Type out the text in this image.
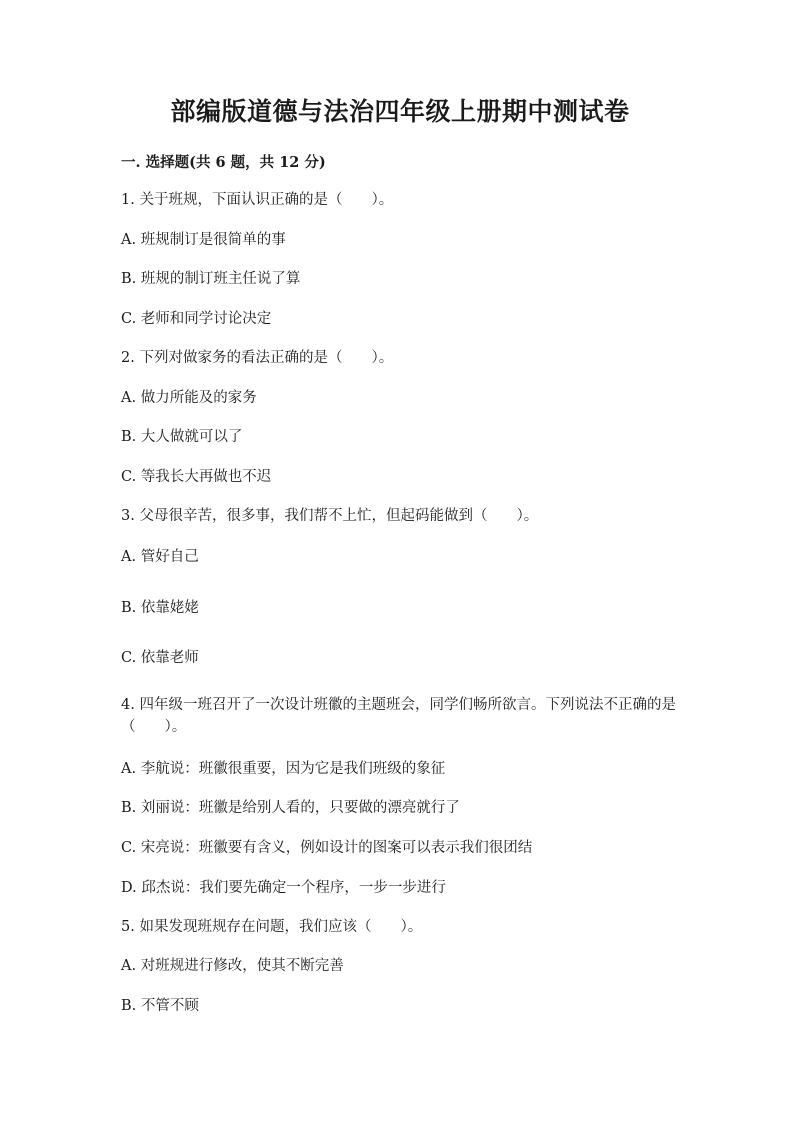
部编版道德与法治四年级上册期中测试卷
一. 选择题(共 6 题，共 12 分)
1. 关于班规，下面认识正确的是（　　）。
A. 班规制订是很简单的事
B. 班规的制订班主任说了算
C. 老师和同学讨论决定
2. 下列对做家务的看法正确的是（　　）。
A. 做力所能及的家务
B. 大人做就可以了
C. 等我长大再做也不迟
3. 父母很辛苦，很多事，我们帮不上忙，但起码能做到（　　）。
A. 管好自己
B. 依靠姥姥
C. 依靠老师
4. 四年级一班召开了一次设计班徽的主题班会，同学们畅所欲言。下列说法不正确的是（　　）。
A. 李航说：班徽很重要，因为它是我们班级的象征
B. 刘丽说：班徽是给别人看的，只要做的漂亮就行了
C. 宋亮说：班徽要有含义，例如设计的图案可以表示我们很团结
D. 邱杰说：我们要先确定一个程序，一步一步进行
5. 如果发现班规存在问题，我们应该（　　）。
A. 对班规进行修改，使其不断完善
B. 不管不顾
